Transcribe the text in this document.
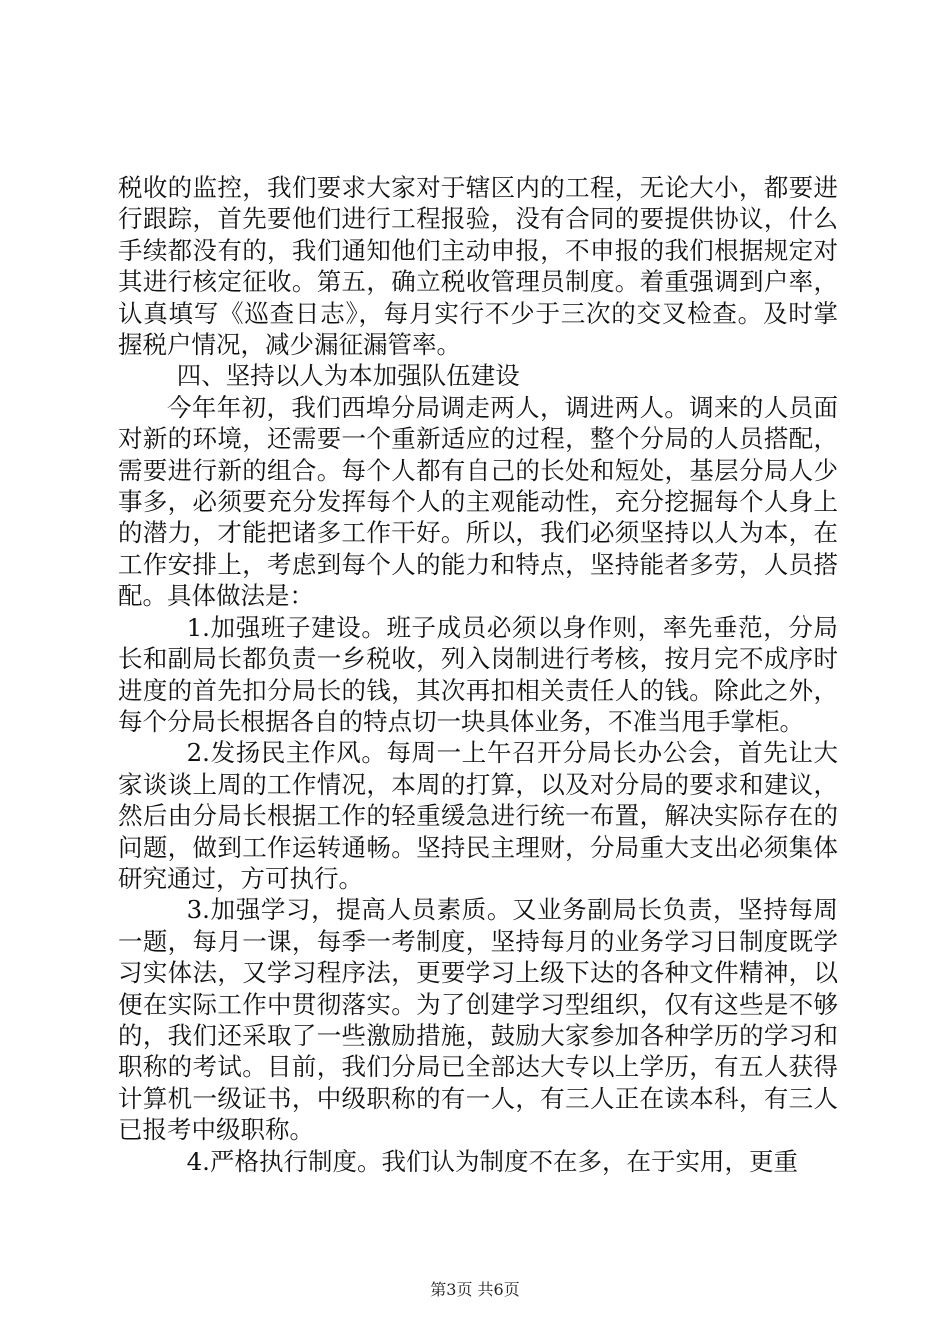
税收的监控，我们要求大家对于辖区内的工程，无论大小，都要进行跟踪，首先要他们进行工程报验，没有合同的要提供协议，什么手续都没有的，我们通知他们主动申报，不申报的我们根据规定对其进行核定征收。第五，确立税收管理员制度。着重强调到户率，认真填写《巡查日志》，每月实行不少于三次的交叉检查。及时掌握税户情况，减少漏征漏管率。

四、坚持以人为本加强队伍建设

今年年初，我们西埠分局调走两人，调进两人。调来的人员面对新的环境，还需要一个重新适应的过程，整个分局的人员搭配，需要进行新的组合。每个人都有自己的长处和短处，基层分局人少事多，必须要充分发挥每个人的主观能动性，充分挖掘每个人身上的潜力，才能把诸多工作干好。所以，我们必须坚持以人为本，在工作安排上，考虑到每个人的能力和特点，坚持能者多劳，人员搭配。具体做法是：

1.加强班子建设。班子成员必须以身作则，率先垂范，分局长和副局长都负责一乡税收，列入岗制进行考核，按月完不成序时进度的首先扣分局长的钱，其次再扣相关责任人的钱。除此之外，每个分局长根据各自的特点切一块具体业务，不准当甩手掌柜。

2.发扬民主作风。每周一上午召开分局长办公会，首先让大家谈谈上周的工作情况，本周的打算，以及对分局的要求和建议，然后由分局长根据工作的轻重缓急进行统一布置，解决实际存在的问题，做到工作运转通畅。坚持民主理财，分局重大支出必须集体研究通过，方可执行。

3.加强学习，提高人员素质。又业务副局长负责，坚持每周一题，每月一课，每季一考制度，坚持每月的业务学习日制度既学习实体法，又学习程序法，更要学习上级下达的各种文件精神，以便在实际工作中贯彻落实。为了创建学习型组织，仅有这些是不够的，我们还采取了一些激励措施，鼓励大家参加各种学历的学习和职称的考试。目前，我们分局已全部达大专以上学历，有五人获得计算机一级证书，中级职称的有一人，有三人正在读本科，有三人已报考中级职称。

4.严格执行制度。我们认为制度不在多，在于实用，更重

第3页 共6页
